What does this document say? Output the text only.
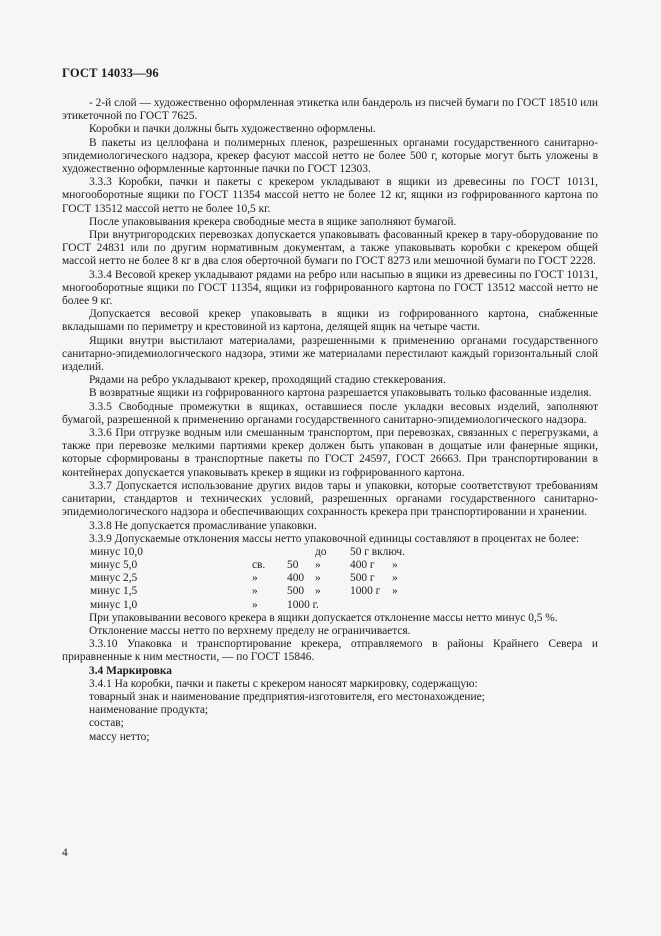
ГОСТ 14033—96

- 2-й слой — художественно оформленная этикетка или бандероль из писчей бумаги по ГОСТ 18510 или этикеточной по ГОСТ 7625.

Коробки и пачки должны быть художественно оформлены.

В пакеты из целлофана и полимерных пленок, разрешенных органами государственного санитарно-эпидемиологического надзора, крекер фасуют массой нетто не более 500 г, которые могут быть уложены в художественно оформленные картонные пачки по ГОСТ 12303.

3.3.3 Коробки, пачки и пакеты с крекером укладывают в ящики из древесины по ГОСТ 10131, многооборотные ящики по ГОСТ 11354 массой нетто не более 12 кг, ящики из гофрированного картона по ГОСТ 13512 массой нетто не более 10,5 кг.

После упаковывания крекера свободные места в ящике заполняют бумагой.

При внутригородских перевозках допускается упаковывать фасованный крекер в тару-оборудование по ГОСТ 24831 или по другим нормативным документам, а также упаковывать коробки с крекером общей массой нетто не более 8 кг в два слоя оберточной бумаги по ГОСТ 8273 или мешочной бумаги по ГОСТ 2228.

3.3.4 Весовой крекер укладывают рядами на ребро или насыпью в ящики из древесины по ГОСТ 10131, многооборотные ящики по ГОСТ 11354, ящики из гофрированного картона по ГОСТ 13512 массой нетто не более 9 кг.

Допускается весовой крекер упаковывать в ящики из гофрированного картона, снабженные вкладышами по периметру и крестовиной из картона, делящей ящик на четыре части.

Ящики внутри выстилают материалами, разрешенными к применению органами государственного санитарно-эпидемиологического надзора, этими же материалами перестилают каждый горизонтальный слой изделий.

Рядами на ребро укладывают крекер, проходящий стадию стеккерования.

В возвратные ящики из гофрированного картона разрешается упаковывать только фасованные изделия.

3.3.5 Свободные промежутки в ящиках, оставшиеся после укладки весовых изделий, заполняют бумагой, разрешенной к применению органами государственного санитарно-эпидемиологического надзора.

3.3.6 При отгрузке водным или смешанным транспортом, при перевозках, связанных с перегрузками, а также при перевозке мелкими партиями крекер должен быть упакован в дощатые или фанерные ящики, которые сформированы в транспортные пакеты по ГОСТ 24597, ГОСТ 26663. При транспортировании в контейнерах допускается упаковывать крекер в ящики из гофрированного картона.

3.3.7 Допускается использование других видов тары и упаковки, которые соответствуют требованиям санитарии, стандартов и технических условий, разрешенных органами государственного санитарно-эпидемиологического надзора и обеспечивающих сохранность крекера при транспортировании и хранении.

3.3.8 Не допускается промасливание упаковки.

3.3.9 Допускаемые отклонения массы нетто упаковочной единицы составляют в процентах не более:

минус 10,0	до 50 г включ.
минус 5,0	св. 50 »	400 г »
минус 2,5	»	400 »	500 г »
минус 1,5	»	500 »	1000 г »
минус 1,0	»	1000 г.

При упаковывании весового крекера в ящики допускается отклонение массы нетто минус 0,5 %.

Отклонение массы нетто по верхнему пределу не ограничивается.

3.3.10 Упаковка и транспортирование крекера, отправляемого в районы Крайнего Севера и приравненные к ним местности, — по ГОСТ 15846.

3.4 Маркировка

3.4.1 На коробки, пачки и пакеты с крекером наносят маркировку, содержащую:

товарный знак и наименование предприятия-изготовителя, его местонахождение;

наименование продукта;

состав;

массу нетто;

4
